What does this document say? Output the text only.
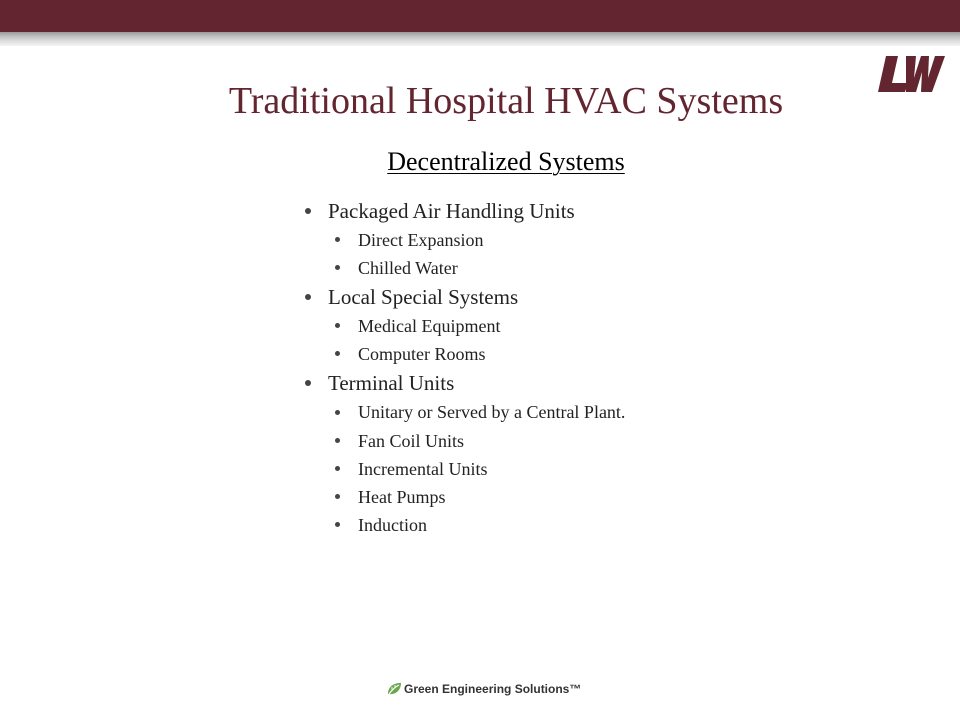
Traditional Hospital HVAC Systems
Decentralized Systems
Packaged Air Handling Units
Direct Expansion
Chilled Water
Local Special Systems
Medical Equipment
Computer Rooms
Terminal Units
Unitary or Served by a Central Plant.
Fan Coil Units
Incremental Units
Heat Pumps
Induction
Green Engineering Solutions™
